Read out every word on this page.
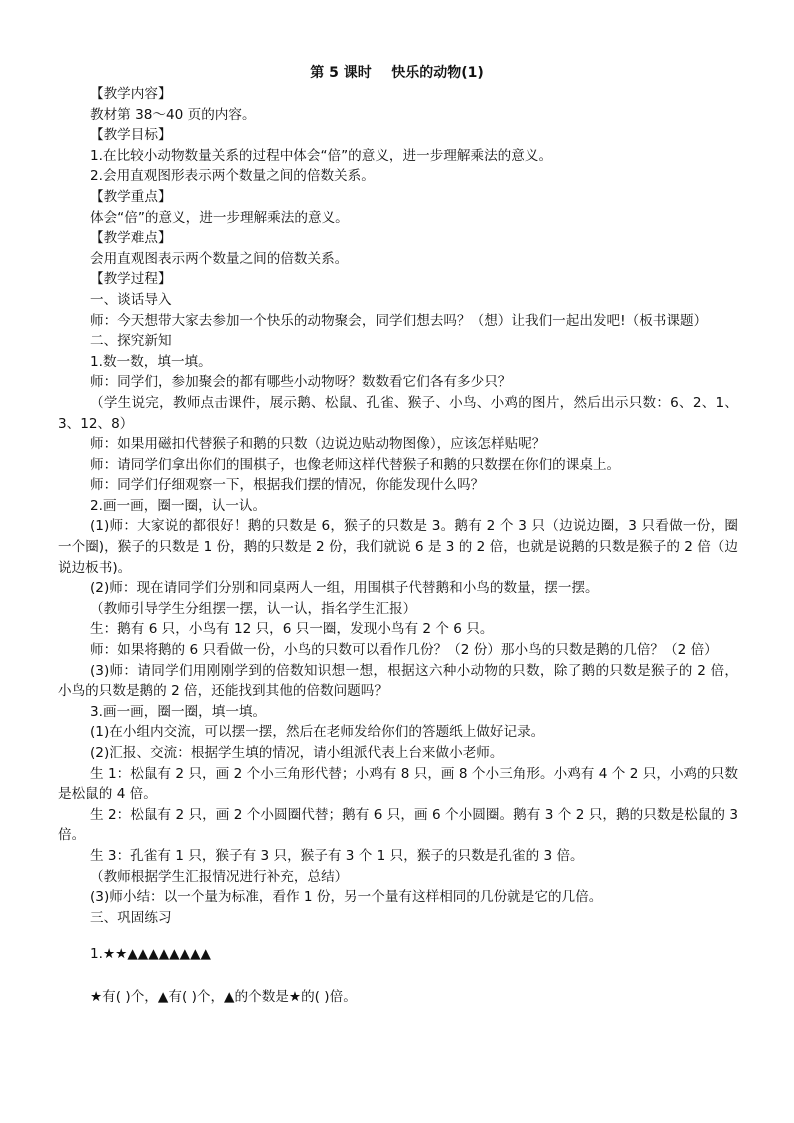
第 5 课时    快乐的动物(1)

【教学内容】

教材第 38～40 页的内容。

【教学目标】

1.在比较小动物数量关系的过程中体会“倍”的意义，进一步理解乘法的意义。

2.会用直观图形表示两个数量之间的倍数关系。

【教学重点】

体会“倍”的意义，进一步理解乘法的意义。

【教学难点】

会用直观图表示两个数量之间的倍数关系。

【教学过程】

一、谈话导入

师：今天想带大家去参加一个快乐的动物聚会，同学们想去吗？（想）让我们一起出发吧!（板书课题）

二、探究新知

1.数一数，填一填。

师：同学们，参加聚会的都有哪些小动物呀？数数看它们各有多少只？

（学生说完，教师点击课件，展示鹅、松鼠、孔雀、猴子、小鸟、小鸡的图片，然后出示只数：6、2、1、3、12、8）

师：如果用磁扣代替猴子和鹅的只数（边说边贴动物图像），应该怎样贴呢？

师：请同学们拿出你们的围棋子，也像老师这样代替猴子和鹅的只数摆在你们的课桌上。

师：同学们仔细观察一下，根据我们摆的情况，你能发现什么吗？

2.画一画，圈一圈，认一认。

(1)师：大家说的都很好！鹅的只数是 6，猴子的只数是 3。鹅有 2 个 3 只（边说边圈，3 只看做一份，圈一个圈)，猴子的只数是 1 份，鹅的只数是 2 份，我们就说 6 是 3 的 2 倍，也就是说鹅的只数是猴子的 2 倍（边说边板书)。

(2)师：现在请同学们分别和同桌两人一组，用围棋子代替鹅和小鸟的数量，摆一摆。

（教师引导学生分组摆一摆，认一认，指名学生汇报）

生：鹅有 6 只，小鸟有 12 只，6 只一圈，发现小鸟有 2 个 6 只。

师：如果将鹅的 6 只看做一份，小鸟的只数可以看作几份？（2 份）那小鸟的只数是鹅的几倍？（2 倍）

(3)师：请同学们用刚刚学到的倍数知识想一想，根据这六种小动物的只数，除了鹅的只数是猴子的 2 倍，小鸟的只数是鹅的 2 倍，还能找到其他的倍数问题吗？

3.画一画，圈一圈，填一填。

(1)在小组内交流，可以摆一摆，然后在老师发给你们的答题纸上做好记录。

(2)汇报、交流：根据学生填的情况，请小组派代表上台来做小老师。

生 1：松鼠有 2 只，画 2 个小三角形代替；小鸡有 8 只，画 8 个小三角形。小鸡有 4 个 2 只，小鸡的只数是松鼠的 4 倍。

生 2：松鼠有 2 只，画 2 个小圆圈代替；鹅有 6 只，画 6 个小圆圈。鹅有 3 个 2 只，鹅的只数是松鼠的 3 倍。

生 3：孔雀有 1 只，猴子有 3 只，猴子有 3 个 1 只，猴子的只数是孔雀的 3 倍。

（教师根据学生汇报情况进行补充，总结）

(3)师小结：以一个量为标准，看作 1 份，另一个量有这样相同的几份就是它的几倍。

三、巩固练习

1.★★▲▲▲▲▲▲▲▲

★有( )个，▲有( )个，▲的个数是★的( )倍。
